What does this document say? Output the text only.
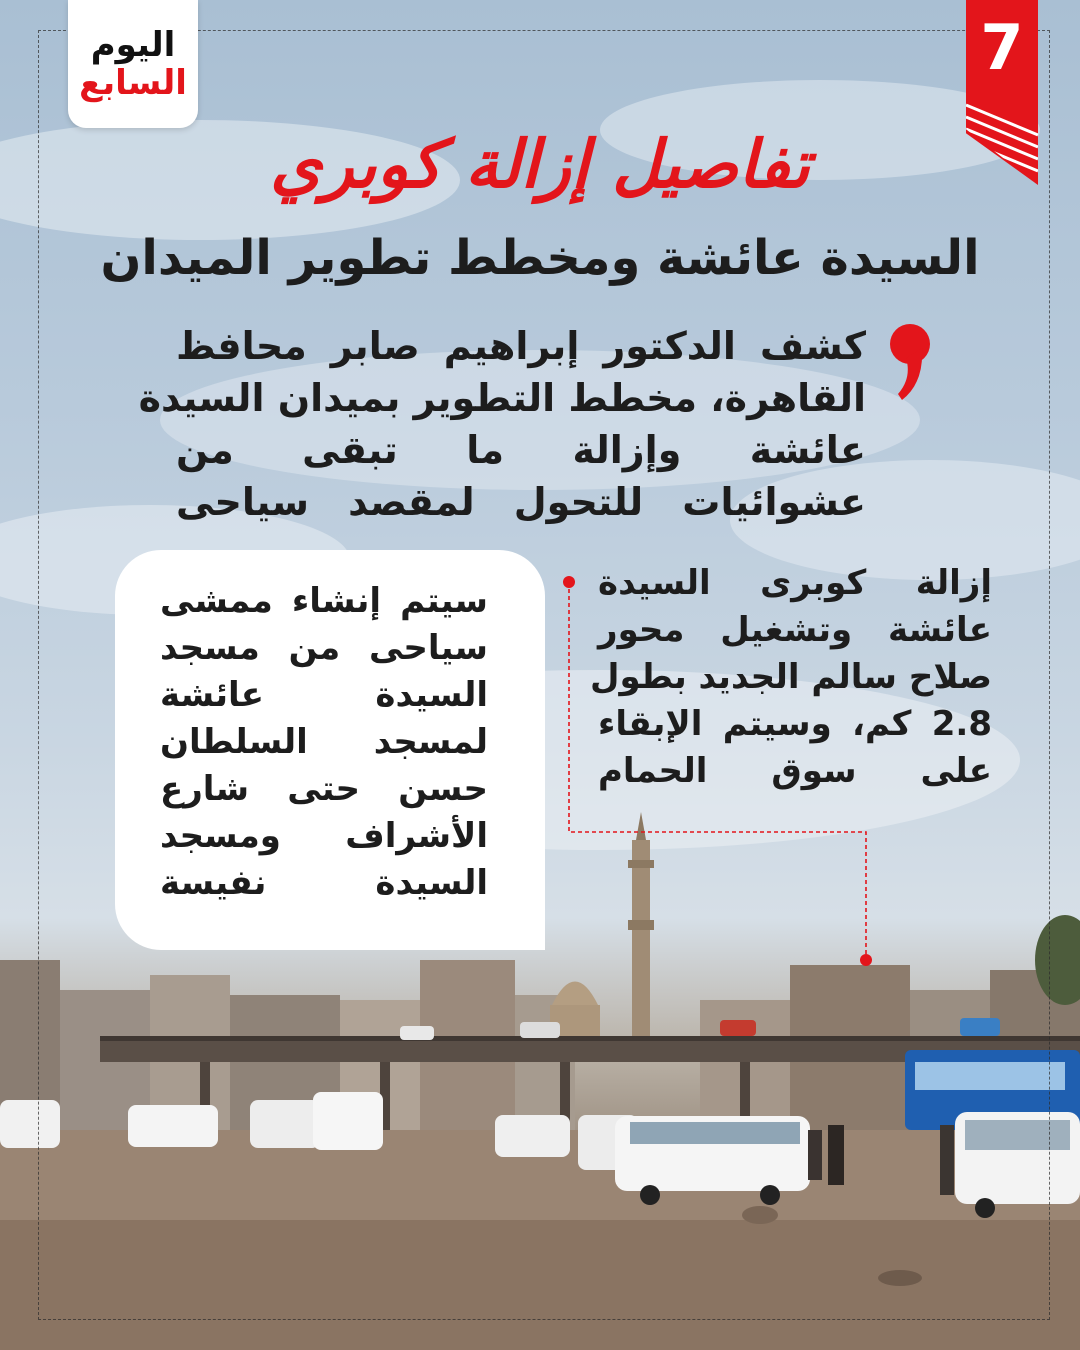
اليوم
السابع	7
تفاصيل إزالة كوبري
السيدة عائشة ومخطط تطوير الميدان
كشف الدكتور إبراهيم صابر محافظ
القاهرة، مخطط التطوير بميدان السيدة
عائشة وإزالة ما تبقى من
عشوائيات للتحول لمقصد سياحى
سيتم إنشاء ممشى
سياحى من مسجد
السيدة عائشة
لمسجد السلطان
حسن حتى شارع
الأشراف ومسجد
السيدة نفيسة
إزالة كوبرى السيدة
عائشة وتشغيل محور
صلاح سالم الجديد بطول
2.8 كم، وسيتم الإبقاء
على سوق الحمام
